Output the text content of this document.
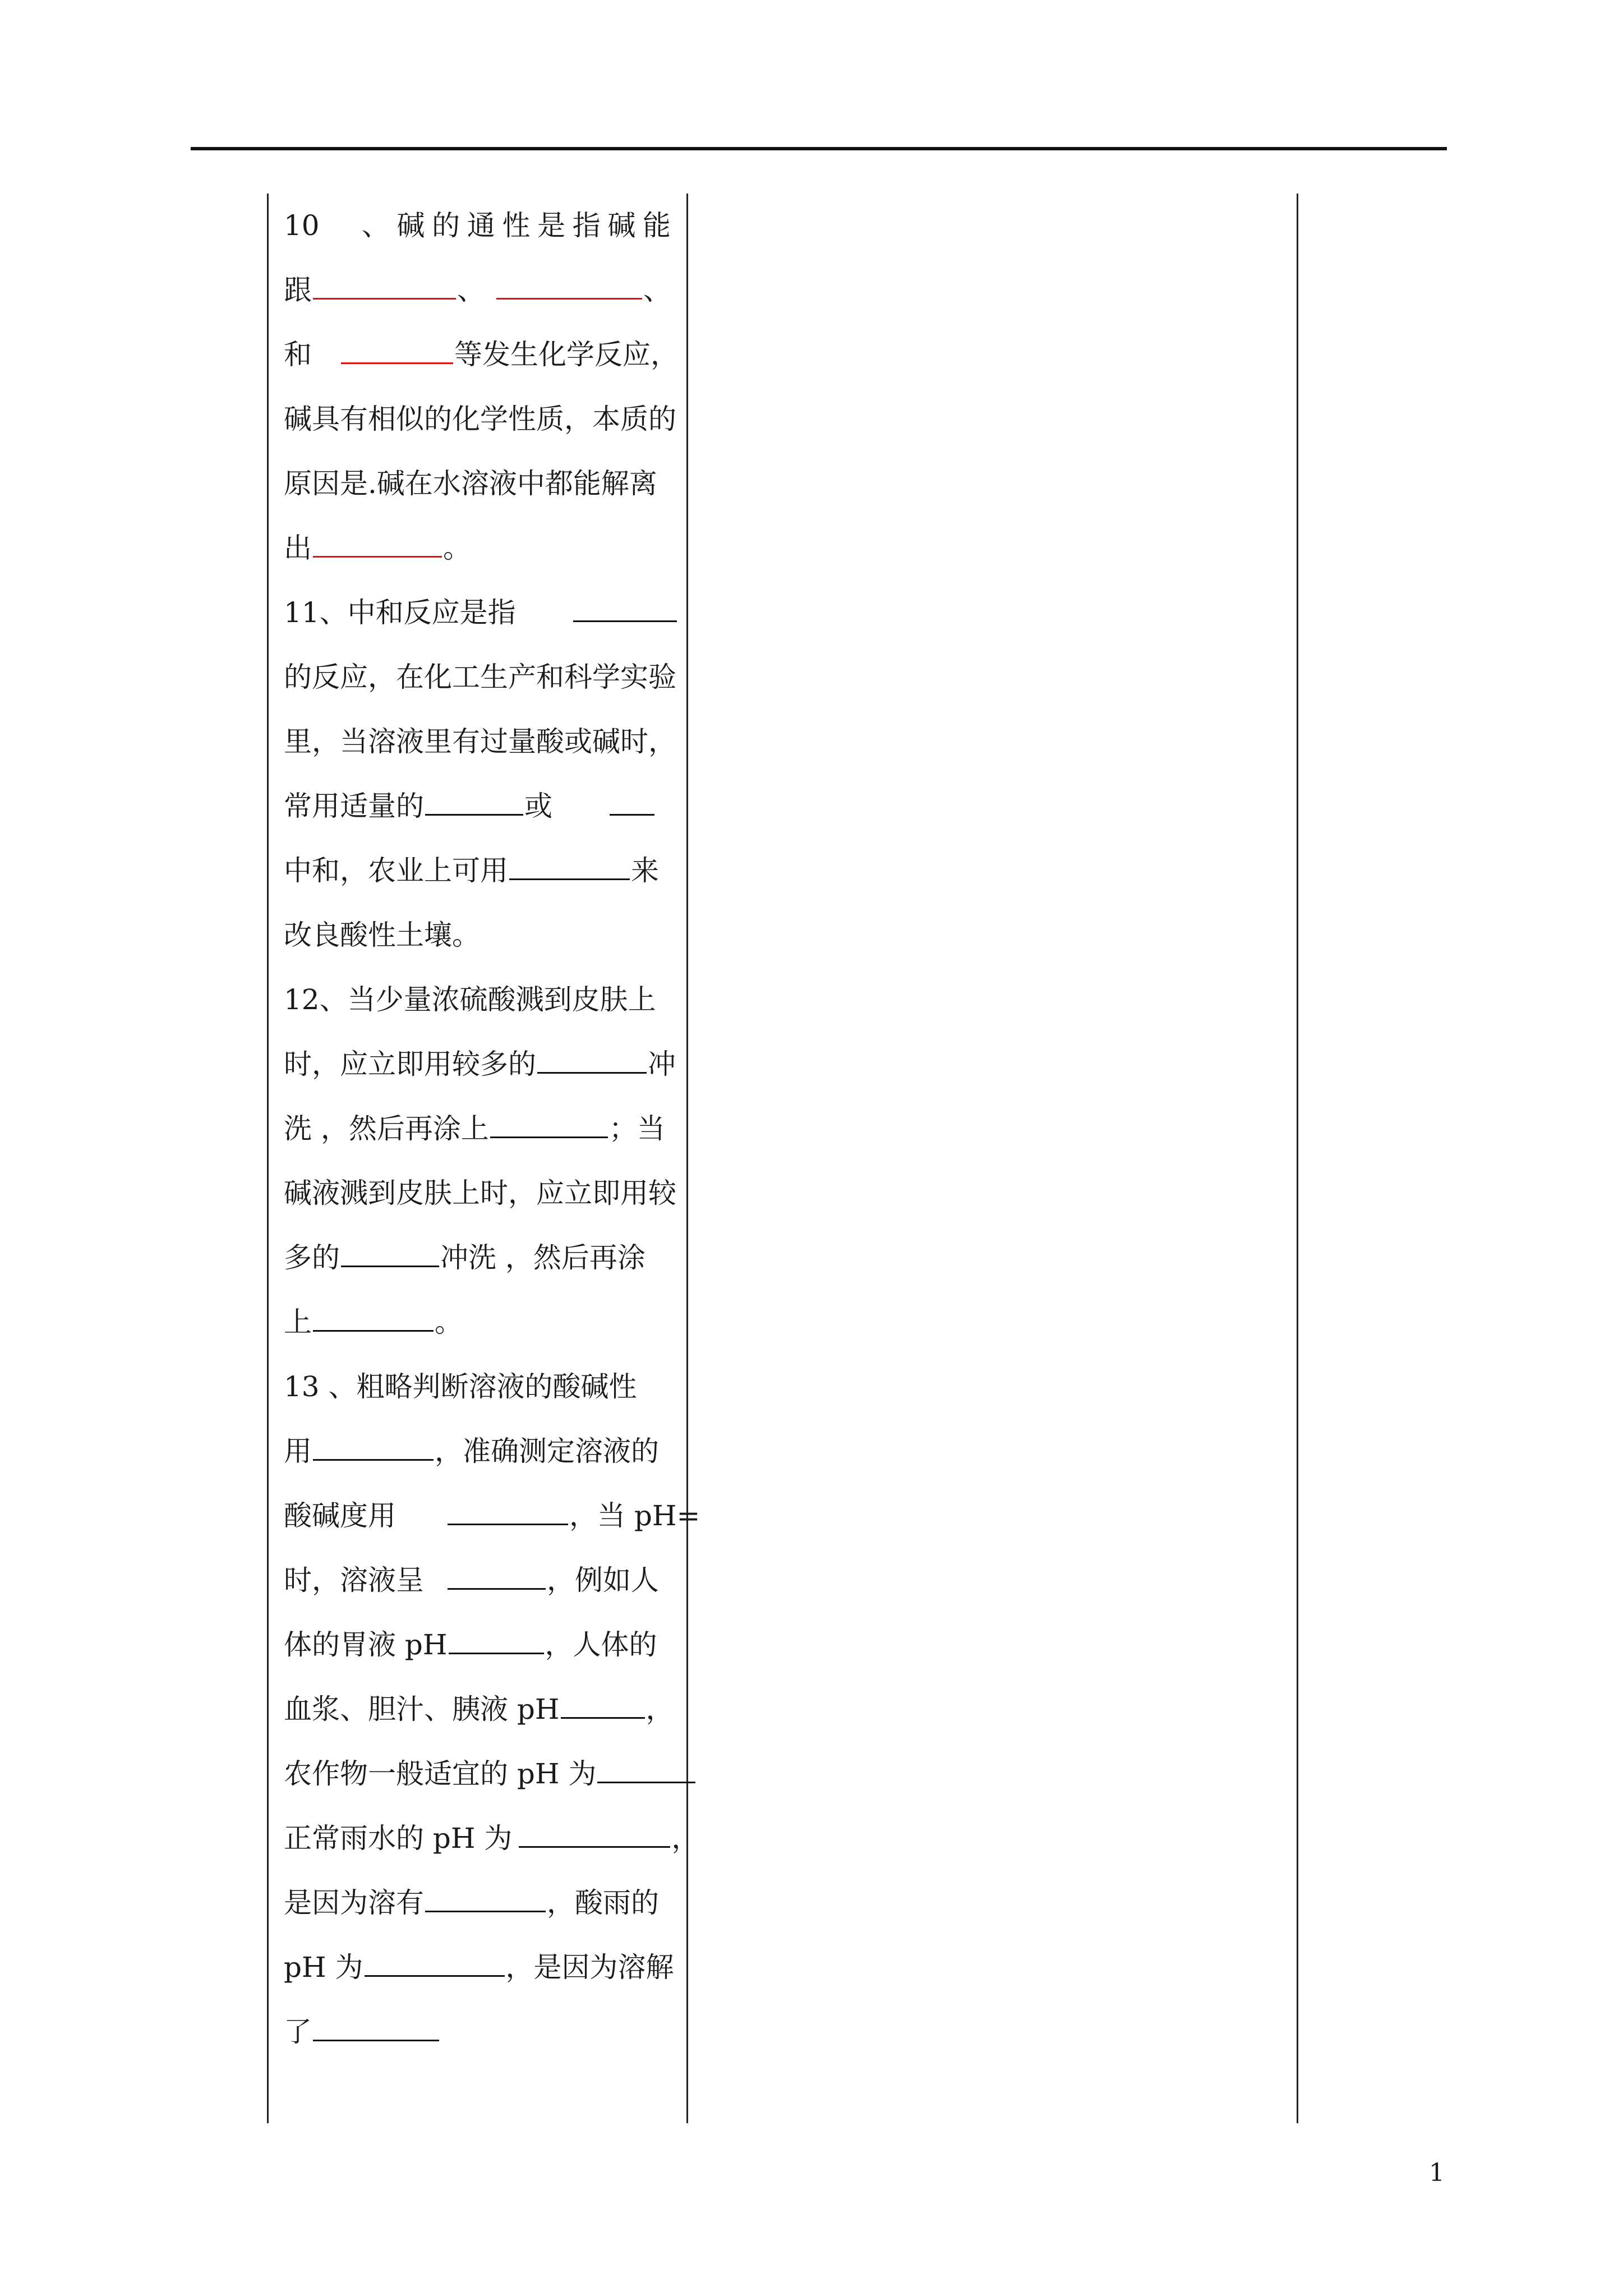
10　、碱的通性是指碱能
跟	、	、
和	等发生化学反应，
碱具有相似的化学性质，本质的
原因是.碱在水溶液中都能解离
出	。
11、中和反应是指
的反应，在化工生产和科学实验
里，当溶液里有过量酸或碱时，
常用适量的	或
中和，农业上可用	来
改良酸性土壤。
12、当少量浓硫酸溅到皮肤上
时，应立即用较多的	冲
洗 ，然后再涂上	；当
碱液溅到皮肤上时，应立即用较
多的	冲洗 ，然后再涂
上	。
13 、粗略判断溶液的酸碱性
用	，准确测定溶液的
酸碱度用	，当 pH=
时，溶液呈	，例如人
体的胃液 pH	，人体的
血浆、胆汁、胰液 pH	，
农作物一般适宜的 pH 为
正常雨水的 pH 为	，
是因为溶有	，酸雨的
pH 为	，是因为溶解
了
1
